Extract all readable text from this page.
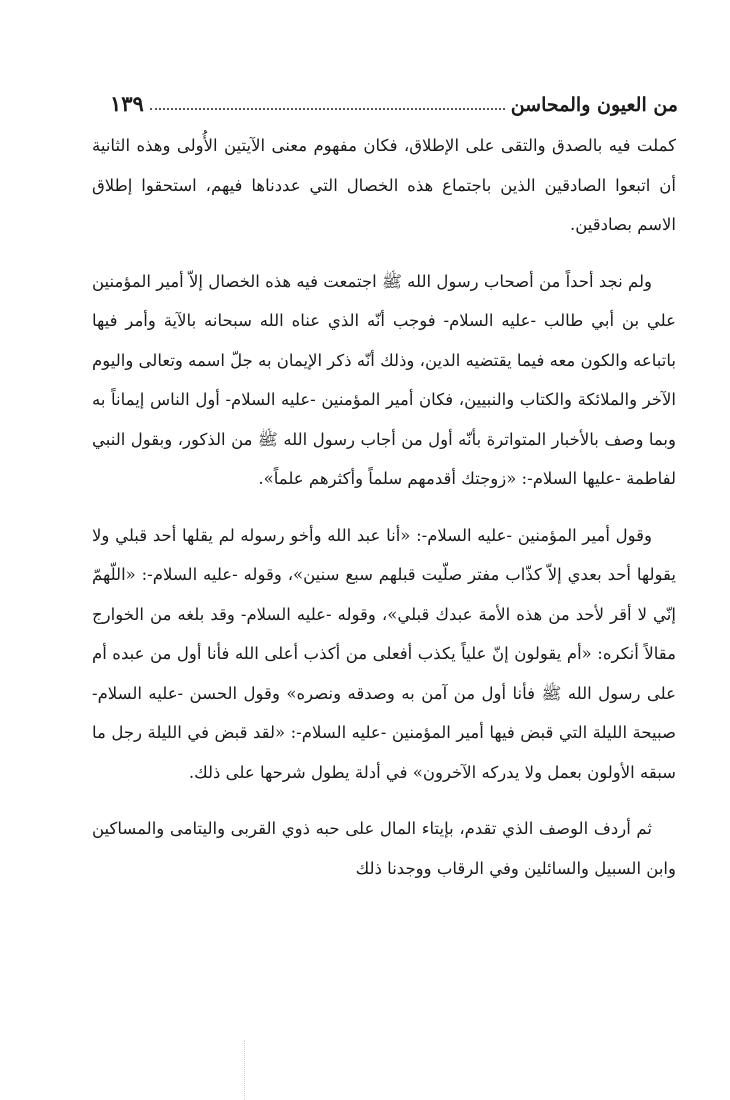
من العيون والمحاسن
١٣٩

كملت فيه بالصدق والتقى على الإطلاق، فكان مفهوم معنى الآيتين الأُولى وهذه الثانية أن اتبعوا الصادقين الذين باجتماع هذه الخصال التي عددناها فيهم، استحقوا إطلاق الاسم بصادقين.

ولم نجد أحداً من أصحاب رسول الله ﷺ اجتمعت فيه هذه الخصال إلاّ أمير المؤمنين علي بن أبي طالب -عليه السلام- فوجب أنّه الذي عناه الله سبحانه بالآية وأمر فيها باتباعه والكون معه فيما يقتضيه الدين، وذلك أنّه ذكر الإيمان به جلّ اسمه وتعالى واليوم الآخر والملائكة والكتاب والنبيين، فكان أمير المؤمنين -عليه السلام- أول الناس إيماناً به وبما وصف بالأخبار المتواترة بأنّه أول من أجاب رسول الله ﷺ من الذكور، وبقول النبي لفاطمة -عليها السلام-: «زوجتك أقدمهم سلماً وأكثرهم علماً».

وقول أمير المؤمنين -عليه السلام-: «أنا عبد الله وأخو رسوله لم يقلها أحد قبلي ولا يقولها أحد بعدي إلاّ كذّاب مفتر صلّيت قبلهم سبع سنين»، وقوله -عليه السلام-: «اللّهمّ إنّي لا أقر لأحد من هذه الأمة عبدك قبلي»، وقوله -عليه السلام- وقد بلغه من الخوارج مقالاً أنكره: «أم يقولون إنّ علياً يكذب أفعلى من أكذب أعلى الله فأنا أول من عبده أم على رسول الله ﷺ فأنا أول من آمن به وصدقه ونصره» وقول الحسن -عليه السلام- صبيحة الليلة التي قبض فيها أمير المؤمنين -عليه السلام-: «لقد قبض في الليلة رجل ما سبقه الأولون بعمل ولا يدركه الآخرون» في أدلة يطول شرحها على ذلك.

ثم أردف الوصف الذي تقدم، بإيتاء المال على حبه ذوي القربى واليتامى والمساكين وابن السبيل والسائلين وفي الرقاب ووجدنا ذلك
